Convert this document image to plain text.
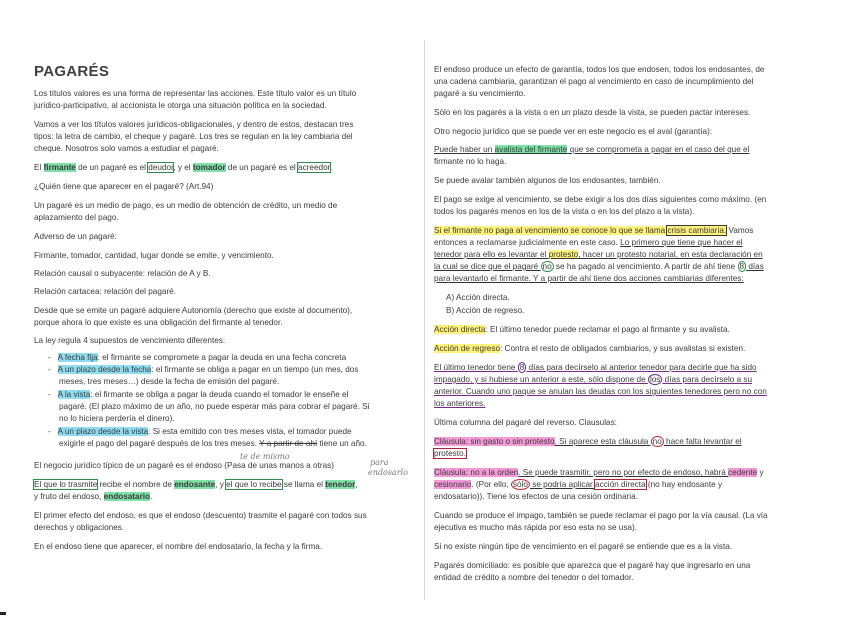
PAGARÉS
Los títulos valores es una forma de representar las acciones. Este título valor es un título
jurídico-participativo, al accionista le otorga una situación política en la sociedad.
Vamos a ver los títulos valores jurídicos-obligacionales, y dentro de estos, destacan tres
tipos: la letra de cambio, el cheque y pagaré. Los tres se regulan en la ley cambiaria del
cheque. Nosotros solo vamos a estudiar el pagaré.
El firmante de un pagaré es el deudor, y el tomador de un pagaré es el acreedor.
¿Quién tiene que aparecer en el pagaré? (Art.94)
Un pagaré es un medio de pago, es un medio de obtención de crédito, un medio de
aplazamiento del pago.
Adverso de un pagaré:
Firmante, tomador, cantidad, lugar donde se emite, y vencimiento.
Relación causal o subyacente: relación de A y B.
Relación cartacea: relación del pagaré.
Desde que se emite un pagaré adquiere Autonomía (derecho que existe al documento),
porque ahora lo que existe es una obligación del firmante al tenedor.
La ley regula 4 supuestos de vencimiento diferentes:
-   A fecha fija: el firmante se compromete a pagar la deuda en una fecha concreta
-   A un plazo desde la fecha: el firmante se obliga a pagar en un tiempo (un mes, dos
meses, tres meses…) desde la fecha de emisión del pagaré.
-   A la vista: el firmante se obliga a pagar la deuda cuando el tomador le enseñe el
pagaré. (El plazo máximo de un año, no puede esperar más para cobrar el pagaré. Si
no lo hiciera perdería el dinero).
-   A un plazo desde la vista: Si esta emitido con tres meses vista, el tomador puede
exigirle el pago del pagaré después de los tres meses. Y a partir de ahí tiene un año.
te de mismo
El negocio jurídico típico de un pagaré es el endoso (Pasa de unas manos a otras)	para
endosarlo
El que lo trasmite recibe el nombre de endosante, y el que lo recibe se llama el tenedor,
y fruto del endoso, endosatario.
El primer efecto del endoso, es que el endoso (descuento) trasmite el pagaré con todos sus
derechos y obligaciones.
En el endoso tiene que aparecer, el nombre del endosatario, la fecha y la firma.
El endoso produce un efecto de garantía, todos los que endosen, todos los endosantes, de
una cadena cambiaria, garantizan el pago al vencimiento en caso de incumplimiento del
pagaré a su vencimiento.
Sólo en los pagarés a la vista o en un plazo desde la vista, se pueden pactar intereses.
Otro negocio jurídico que se puede ver en este negocio es el aval (garantía):
Puede haber un avalista del firmante que se comprometa a pagar en el caso del que el
firmante no lo haga.
Se puede avalar también algunos de los endosantes, también.
El pago se exige al vencimiento, se debe exigir a los dos días siguientes como máximo. (en
todos los pagarés menos en los de la vista o en los del plazo a la vista).
Si el firmante no paga al vencimiento se conoce lo que se llama crisis cambiaria. Vamos
entonces a reclamarse judicialmente en este caso. Lo primero que tiene que hacer el
tenedor para ello es levantar el protesto, hacer un protesto notarial, en esta declaración en
la cual se dice que el pagaré no se ha pagado al vencimiento. A partir de ahí tiene 8 días
para levantarlo el firmante. Y a partir de ahí tiene dos acciones cambiarias diferentes:
A) Acción directa.
B) Acción de regreso.
Acción directa: El último tenedor puede reclamar el pago al firmante y su avalista.
Acción de regreso: Contra el resto de obligados cambiarios, y sus avalistas si existen.
El último tenedor tiene 8 días para decírselo al anterior tenedor para decirle que ha sido
impagado, y si hubiese un anterior a este, sólo dispone de los días para decírselo a su
anterior. Cuando uno paque se anulan las deudas con los siguientes tenedores pero no con
los anteriores.
Última columna del pagaré del reverso. Clausulas:
Cláusula: sin gasto o sin protesto. Si aparece esta cláusula no hace falta levantar el
protesto.
Cláusula: no a la orden. Se puede trasmitir, pero no por efecto de endoso, habrá cedente y
cesionario. (Por ello, sólo se podría aplicar acción directa (no hay endosante y
endosatario)). Tiene los efectos de una cesión ordinaria.
Cuando se produce el impago, también se puede reclamar el pago por la vía causal. (La vía
ejecutiva es mucho más rápida por eso esta no se usa).
Si no existe ningún tipo de vencimiento en el pagaré se entiende que es a la vista.
Pagarés domiciliado: es posible que aparezca que el pagaré hay que ingresarlo en una
entidad de crédito a nombre del tenedor o del tomador.
